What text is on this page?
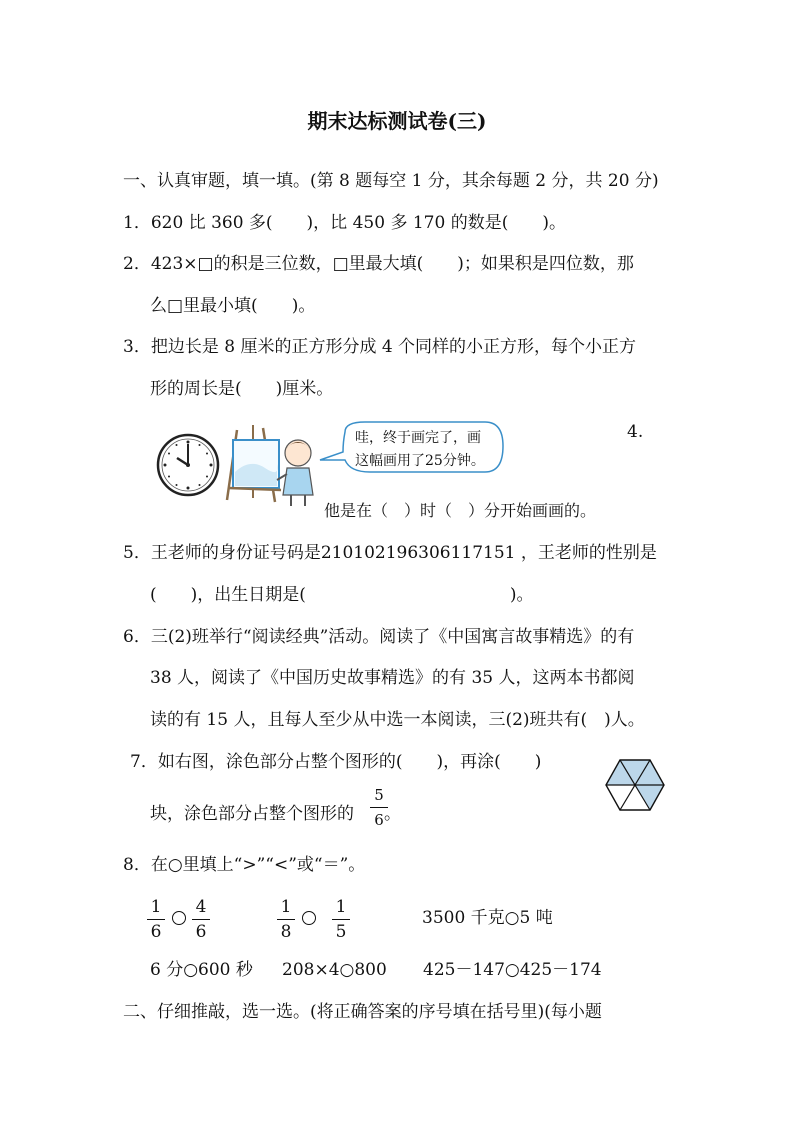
期末达标测试卷(三)
一、认真审题，填一填。(第 8 题每空 1 分，其余每题 2 分，共 20 分)
1．620 比 360 多(　　)，比 450 多 170 的数是(　　)。
2．423×□的积是三位数，□里最大填(　　)；如果积是四位数，那
么□里最小填(　　)。
3．把边长是 8 厘米的正方形分成 4 个同样的小正方形，每个小正方
形的周长是(　　)厘米。
哇，终于画完了，画
这幅画用了25分钟。
4.
他是在（　）时（　）分开始画画的。
5．王老师的身份证号码是210102196306117151 ，王老师的性别是
(　　)，出生日期是(　　　　　　　　　　　　)。
6．三(2)班举行“阅读经典”活动。阅读了《中国寓言故事精选》的有
38 人，阅读了《中国历史故事精选》的有 35 人，这两本书都阅
读的有 15 人，且每人至少从中选一本阅读，三(2)班共有(　)人。
7．如右图，涂色部分占整个图形的(　　)，再涂(　　)
块，涂色部分占整个图形的
5
6 。
8．在○里填上“>”“<”或“＝”。
1
6
4
6
1
8
1
5
3500 千克○5 吨
6 分○600 秒 208×4○800 425－147○425－174
二、仔细推敲，选一选。(将正确答案的序号填在括号里)(每小题
